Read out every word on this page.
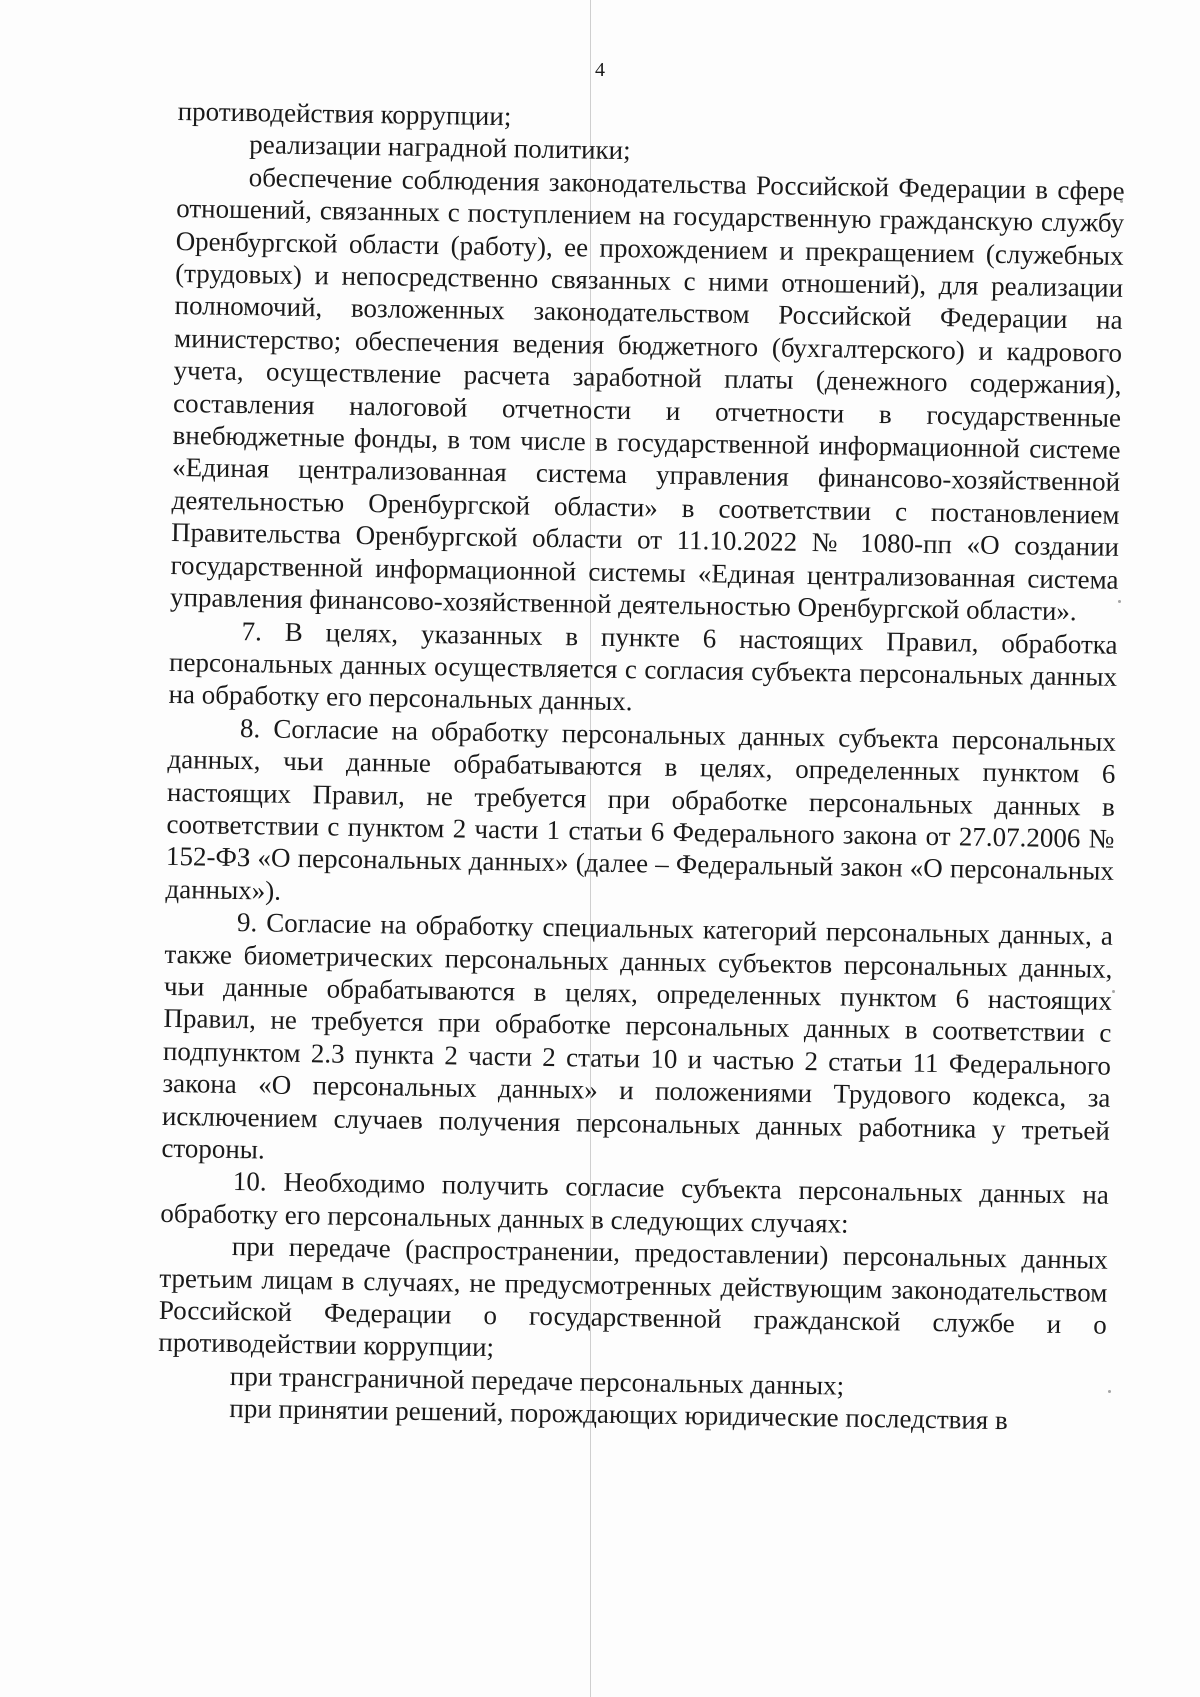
4

противодействия коррупции;

реализации наградной политики;

обеспечение соблюдения законодательства Российской Федерации в сфере отношений, связанных с поступлением на государственную гражданскую службу Оренбургской области (работу), ее прохождением и прекращением (служебных (трудовых) и непосредственно связанных с ними отношений), для реализации полномочий, возложенных законодательством Российской Федерации на министерство; обеспечения ведения бюджетного (бухгалтерского) и кадрового учета, осуществление расчета заработной платы (денежного содержания), составления налоговой отчетности и отчетности в государственные внебюджетные фонды, в том числе в государственной информационной системе «Единая централизованная система управления финансово-хозяйственной деятельностью Оренбургской области» в соответствии с постановлением Правительства Оренбургской области от 11.10.2022 № 1080-пп «О создании государственной информационной системы «Единая централизованная система управления финансово-хозяйственной деятельностью Оренбургской области».

7. В целях, указанных в пункте 6 настоящих Правил, обработка персональных данных осуществляется с согласия субъекта персональных данных на обработку его персональных данных.

8. Согласие на обработку персональных данных субъекта персональных данных, чьи данные обрабатываются в целях, определенных пунктом 6 настоящих Правил, не требуется при обработке персональных данных в соответствии с пунктом 2 части 1 статьи 6 Федерального закона от 27.07.2006 № 152-ФЗ «О персональных данных» (далее – Федеральный закон «О персональных данных»).

9. Согласие на обработку специальных категорий персональных данных, а также биометрических персональных данных субъектов персональных данных, чьи данные обрабатываются в целях, определенных пунктом 6 настоящих Правил, не требуется при обработке персональных данных в соответствии с подпунктом 2.3 пункта 2 части 2 статьи 10 и частью 2 статьи 11 Федерального закона «О персональных данных» и положениями Трудового кодекса, за исключением случаев получения персональных данных работника у третьей стороны.

10. Необходимо получить согласие субъекта персональных данных на обработку его персональных данных в следующих случаях:

при передаче (распространении, предоставлении) персональных данных третьим лицам в случаях, не предусмотренных действующим законодательством Российской Федерации о государственной гражданской службе и о противодействии коррупции;

при трансграничной передаче персональных данных;

при принятии решений, порождающих юридические последствия в
